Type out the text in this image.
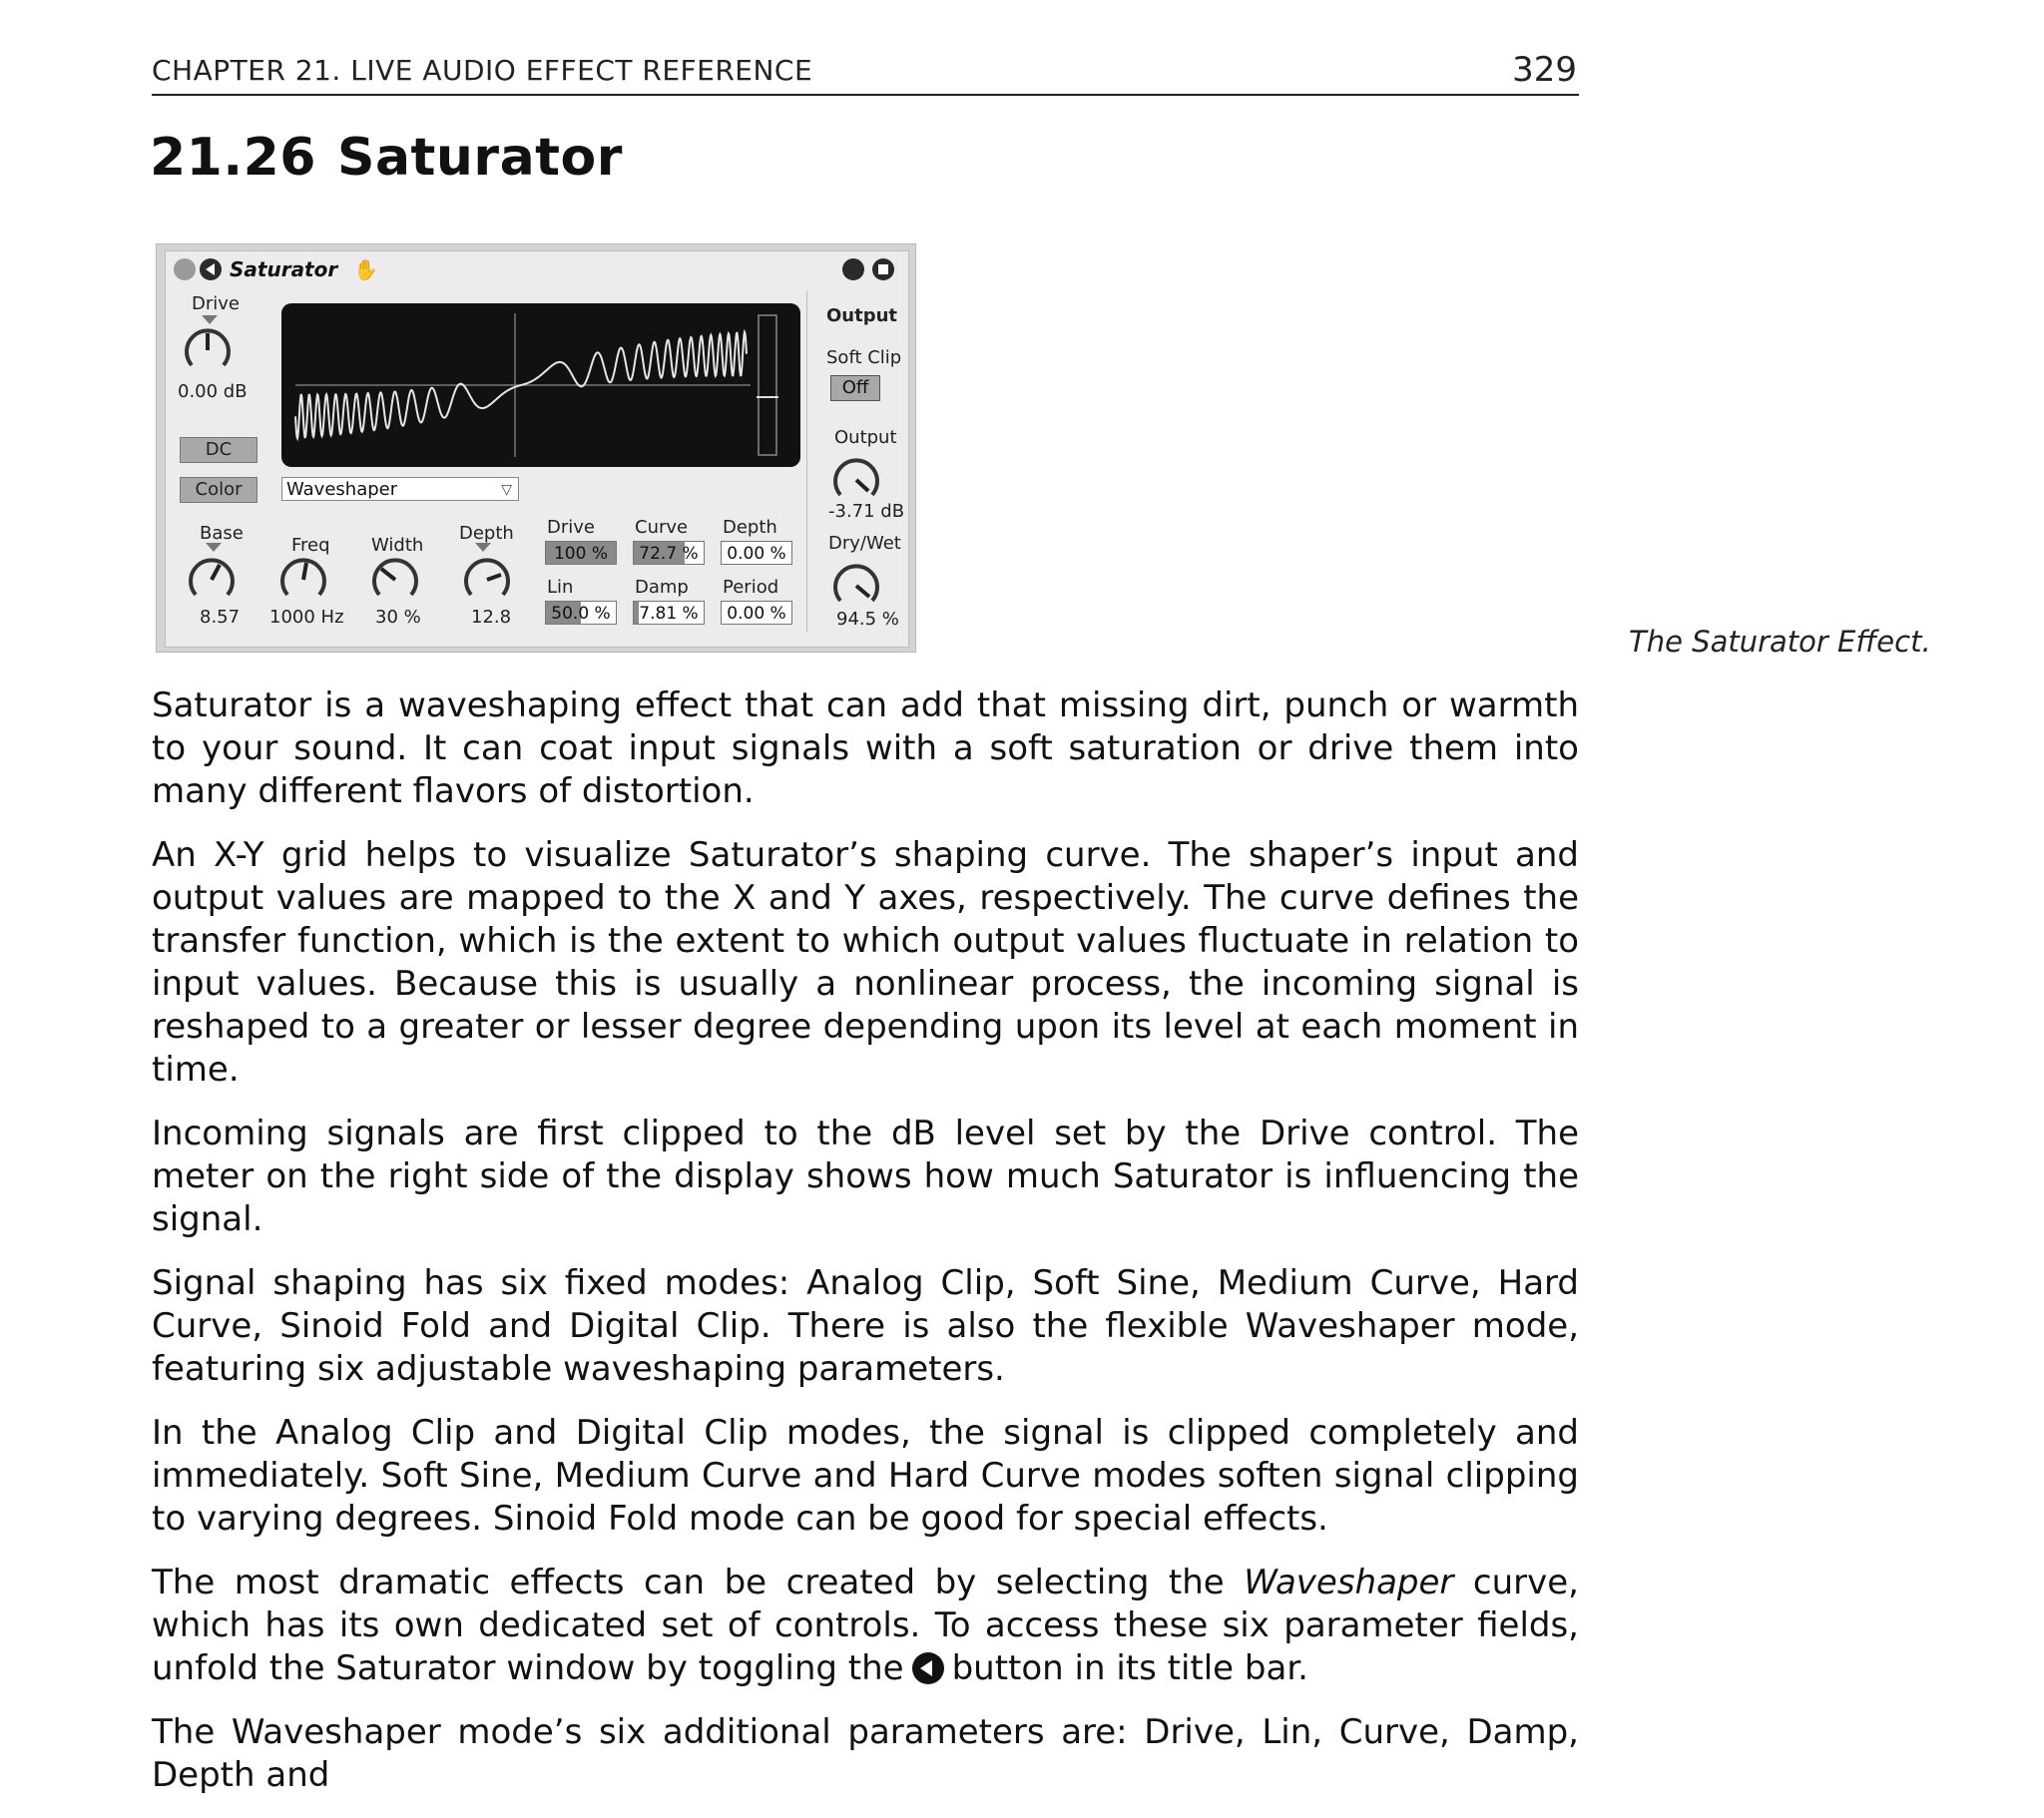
CHAPTER 21. LIVE AUDIO EFFECT REFERENCE	329
21.26 Saturator
Saturator ✋
Drive
0.00 dB
DC
Color	Waveshaper	▽
Base
8.57
Freq
1000 Hz
Width
30 %
Depth
12.8
Drive
100 %
Curve
72.7 %
Depth
0.00 %
Lin
50.0 %
Damp
7.81 %
Period
0.00 %
Output
Soft Clip
Off
Output
-3.71 dB
Dry/Wet
94.5 %
The Saturator Effect.

Saturator is a waveshaping effect that can add that missing dirt, punch or warmth to your sound. It can coat input signals with a soft saturation or drive them into many different flavors of distortion.

An X-Y grid helps to visualize Saturator’s shaping curve. The shaper’s input and output values are mapped to the X and Y axes, respectively. The curve defines the transfer function, which is the extent to which output values fluctuate in relation to input values. Because this is usually a nonlinear process, the incoming signal is reshaped to a greater or lesser degree depending upon its level at each moment in time.

Incoming signals are first clipped to the dB level set by the Drive control. The meter on the right side of the display shows how much Saturator is influencing the signal.

Signal shaping has six fixed modes: Analog Clip, Soft Sine, Medium Curve, Hard Curve, Sinoid Fold and Digital Clip. There is also the flexible Waveshaper mode, featuring six adjustable waveshaping parameters.

In the Analog Clip and Digital Clip modes, the signal is clipped completely and immediately. Soft Sine, Medium Curve and Hard Curve modes soften signal clipping to varying degrees. Sinoid Fold mode can be good for special effects.

The most dramatic effects can be created by selecting the Waveshaper curve, which has its own dedicated set of controls. To access these six parameter fields, unfold the Saturator window by toggling the button in its title bar.

The Waveshaper mode’s six additional parameters are: Drive, Lin, Curve, Damp, Depth and
